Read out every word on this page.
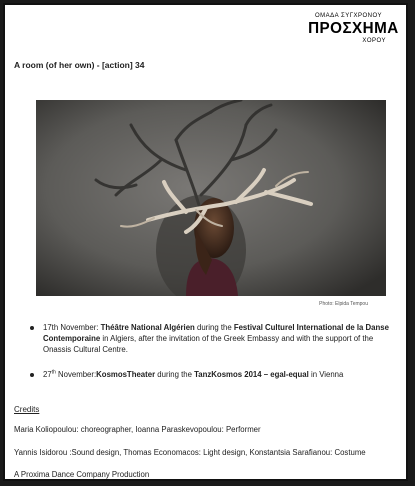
ΟΜΑΔΑ ΣΥΓΧΡΟΝΟΥ
ΠΡΟΣΧΗΜΑ
ΧΟΡΟΥ
A room (of her own) - [action] 34
Photo: Elpida Tempou
17th November: Théâtre National Algérien during the Festival Culturel International de la Danse Contemporaine in Algiers, after the invitation of the Greek Embassy and with the support of the Onassis Cultural Centre.
27th November:KosmosTheater during the TanzKosmos 2014 – egal-equal in Vienna
Credits
Maria Koliopoulou: choreographer, Ioanna Paraskevopoulou: Performer
Yannis Isidorou :Sound design, Thomas Economacos: Light design, Konstantsia Sarafianou: Costume
A Proxima Dance Company Production
